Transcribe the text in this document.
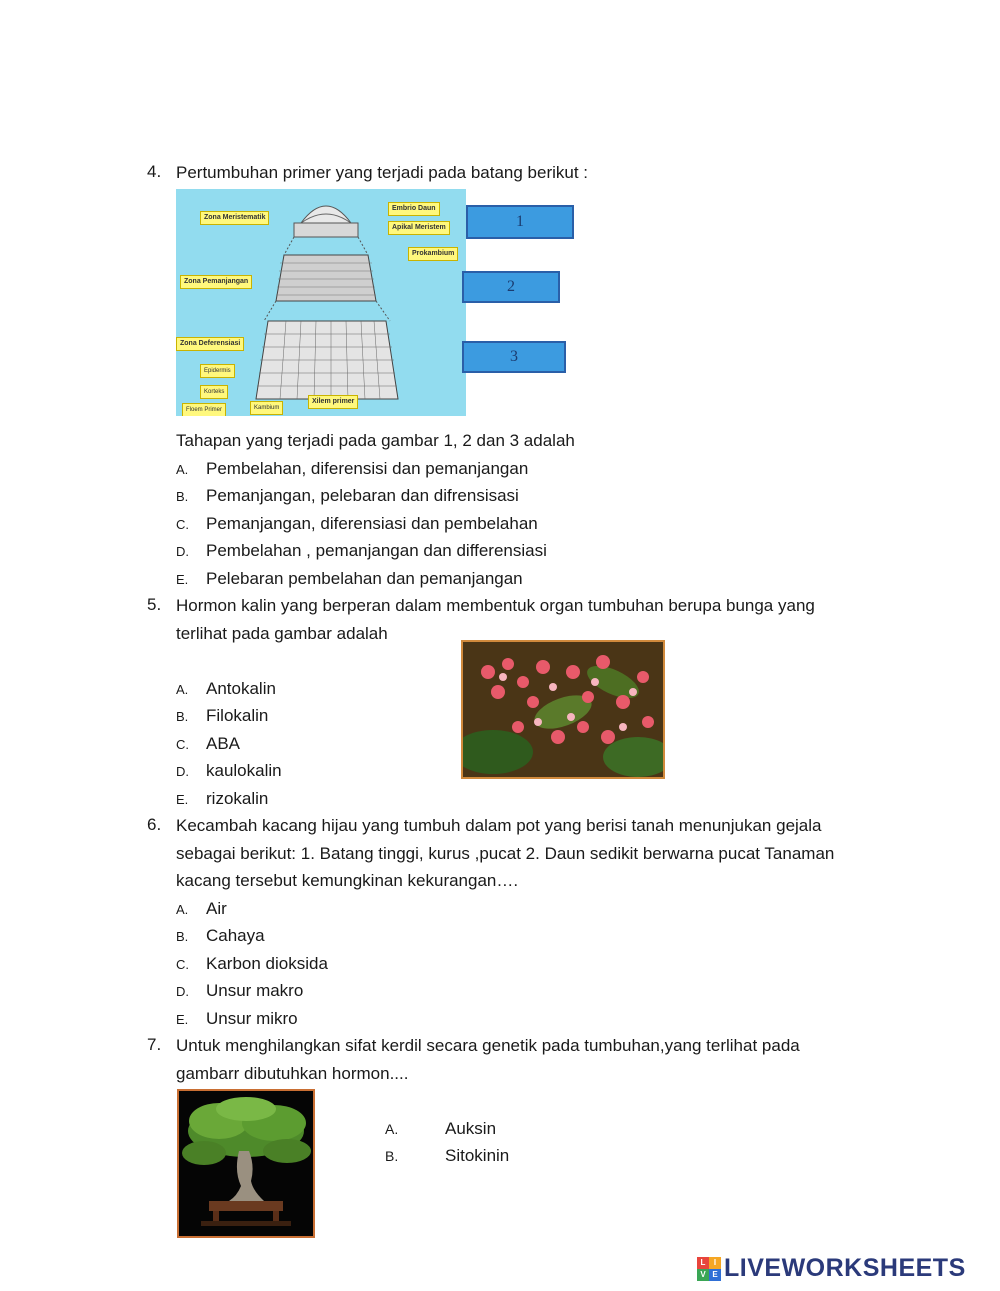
4. Pertumbuhan primer yang terjadi pada batang berikut :
Zona Meristematik
Embrio Daun
Apikal Meristem
Prokambium
Zona Pemanjangan
Zona Deferensiasi
Epidermis
Korteks
Floem Primer	Kambium
Xilem primer
1
2
3
Tahapan yang terjadi pada gambar 1, 2 dan 3 adalah
A. Pembelahan, diferensisi dan pemanjangan
B. Pemanjangan, pelebaran dan difrensisasi
C. Pemanjangan, diferensiasi dan pembelahan
D. Pembelahan , pemanjangan dan differensiasi
E. Pelebaran pembelahan dan pemanjangan
5. Hormon kalin yang berperan dalam membentuk organ tumbuhan berupa bunga yang
terlihat pada gambar adalah
A. Antokalin
B. Filokalin
C. ABA
D. kaulokalin
E. rizokalin
6. Kecambah kacang hijau yang tumbuh dalam pot yang berisi tanah menunjukan gejala
sebagai berikut: 1. Batang tinggi, kurus ,pucat 2. Daun sedikit berwarna pucat Tanaman
kacang tersebut kemungkinan kekurangan….
A. Air
B. Cahaya
C. Karbon dioksida
D. Unsur makro
E. Unsur mikro
7. Untuk menghilangkan sifat kerdil secara genetik pada tumbuhan,yang terlihat pada
gambarr dibutuhkan hormon....
A.	Auksin
B.	Sitokinin
L	I
V E LIVEWORKSHEETS
